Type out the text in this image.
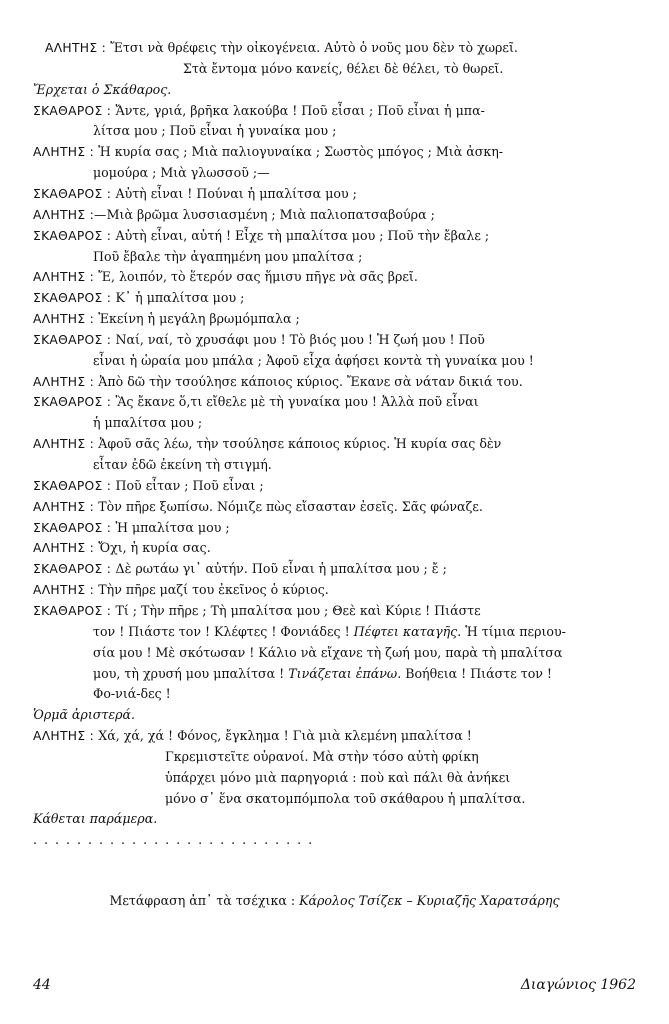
ΑΛΗΤΗΣ : Ἔτσι νὰ θρέφεις τὴν οἰκογένεια. Αὐτὸ ὁ νοῦς μου δὲν τὸ χωρεῖ.
Στὰ ἔντομα μόνο κανείς, θέλει δὲ θέλει, τὸ θωρεῖ.
Ἔρχεται ὁ Σκάθαρος.
ΣΚΑΘΑΡΟΣ : Ἄντε, γριά, βρῆκα λακούβα ! Ποῦ εἶσαι ; Ποῦ εἶναι ἡ μπα-
λίτσα μου ; Ποῦ εἶναι ἡ γυναίκα μου ;
ΑΛΗΤΗΣ : Ἡ κυρία σας ; Μιὰ παλιογυναίκα ; Σωστὸς μπόγος ; Μιὰ ἀσκη-
μομούρα ; Μιὰ γλωσσοῦ ;—
ΣΚΑΘΑΡΟΣ : Αὐτὴ εἶναι ! Πούναι ἡ μπαλίτσα μου ;
ΑΛΗΤΗΣ :—Μιὰ βρῶμα λυσσιασμένη ; Μιὰ παλιοπατσαβούρα ;
ΣΚΑΘΑΡΟΣ : Αὐτὴ εἶναι, αὐτή ! Εἶχε τὴ μπαλίτσα μου ; Ποῦ τὴν ἔβαλε ;
Ποῦ ἔβαλε τὴν ἀγαπημένη μου μπαλίτσα ;
ΑΛΗΤΗΣ : Ἔ, λοιπόν, τὸ ἕτερόν σας ἥμισυ πῆγε νὰ σᾶς βρεῖ.
ΣΚΑΘΑΡΟΣ : Κ᾽ ἡ μπαλίτσα μου ;
ΑΛΗΤΗΣ : Ἐκείνη ἡ μεγάλη βρωμόμπαλα ;
ΣΚΑΘΑΡΟΣ : Ναί, ναί, τὸ χρυσάφι μου ! Τὸ βιός μου ! Ἡ ζωή μου ! Ποῦ
εἶναι ἡ ὡραία μου μπάλα ; Ἀφοῦ εἶχα ἀφήσει κοντὰ τὴ γυναίκα μου !
ΑΛΗΤΗΣ : Ἀπὸ δῶ τὴν τσούλησε κάποιος κύριος. Ἔκανε σὰ νάταν δικιά του.
ΣΚΑΘΑΡΟΣ : Ἂς ἔκανε ὅ,τι εἴθελε μὲ τὴ γυναίκα μου ! Ἀλλὰ ποῦ εἶναι
ἡ μπαλίτσα μου ;
ΑΛΗΤΗΣ : Ἀφοῦ σᾶς λέω, τὴν τσούλησε κάποιος κύριος. Ἡ κυρία σας δὲν
εἶταν ἐδῶ ἐκείνη τὴ στιγμή.
ΣΚΑΘΑΡΟΣ : Ποῦ εἶταν ; Ποῦ εἶναι ;
ΑΛΗΤΗΣ : Τὸν πῆρε ξωπίσω. Νόμιζε πὼς εἴσασταν ἐσεῖς. Σᾶς φώναζε.
ΣΚΑΘΑΡΟΣ : Ἡ μπαλίτσα μου ;
ΑΛΗΤΗΣ : Ὄχι, ἡ κυρία σας.
ΣΚΑΘΑΡΟΣ : Δὲ ρωτάω γι᾽ αὐτήν. Ποῦ εἶναι ἡ μπαλίτσα μου ; ἔ ;
ΑΛΗΤΗΣ : Τὴν πῆρε μαζί του ἐκεῖνος ὁ κύριος.
ΣΚΑΘΑΡΟΣ : Τί ; Τὴν πῆρε ; Τὴ μπαλίτσα μου ; Θεὲ καὶ Κύριε ! Πιάστε
τον ! Πιάστε τον ! Κλέφτες ! Φονιάδες ! Πέφτει καταγῆς. Ἡ τίμια περιου-
σία μου ! Μὲ σκότωσαν ! Κάλιο νὰ εἴχανε τὴ ζωή μου, παρὰ τὴ μπαλίτσα
μου, τὴ χρυσή μου μπαλίτσα ! Τινάζεται ἐπάνω. Βοήθεια ! Πιάστε τον !
Φο-νιά-δες !
Ὁρμᾶ ἀριστερά.
ΑΛΗΤΗΣ : Χά, χά, χά ! Φόνος, ἔγκλημα ! Γιὰ μιὰ κλεμένη μπαλίτσα !
Γκρεμιστεῖτε οὐρανοί. Μὰ στὴν τόσο αὐτὴ φρίκη
ὑπάρχει μόνο μιὰ παρηγοριά : ποὺ καὶ πάλι θὰ ἀνήκει
μόνο σ᾽ ἕνα σκατομπόμπολα τοῦ σκάθαρου ἡ μπαλίτσα.
Κάθεται παράμερα.
. . . . . . . . . . . . . . . . . . . . . . . . . .
Μετάφραση ἀπ᾽ τὰ τσέχικα : Κάρολος Τσίζεκ – Κυριαζῆς Χαρατσάρης
44	Διαγώνιος 1962
